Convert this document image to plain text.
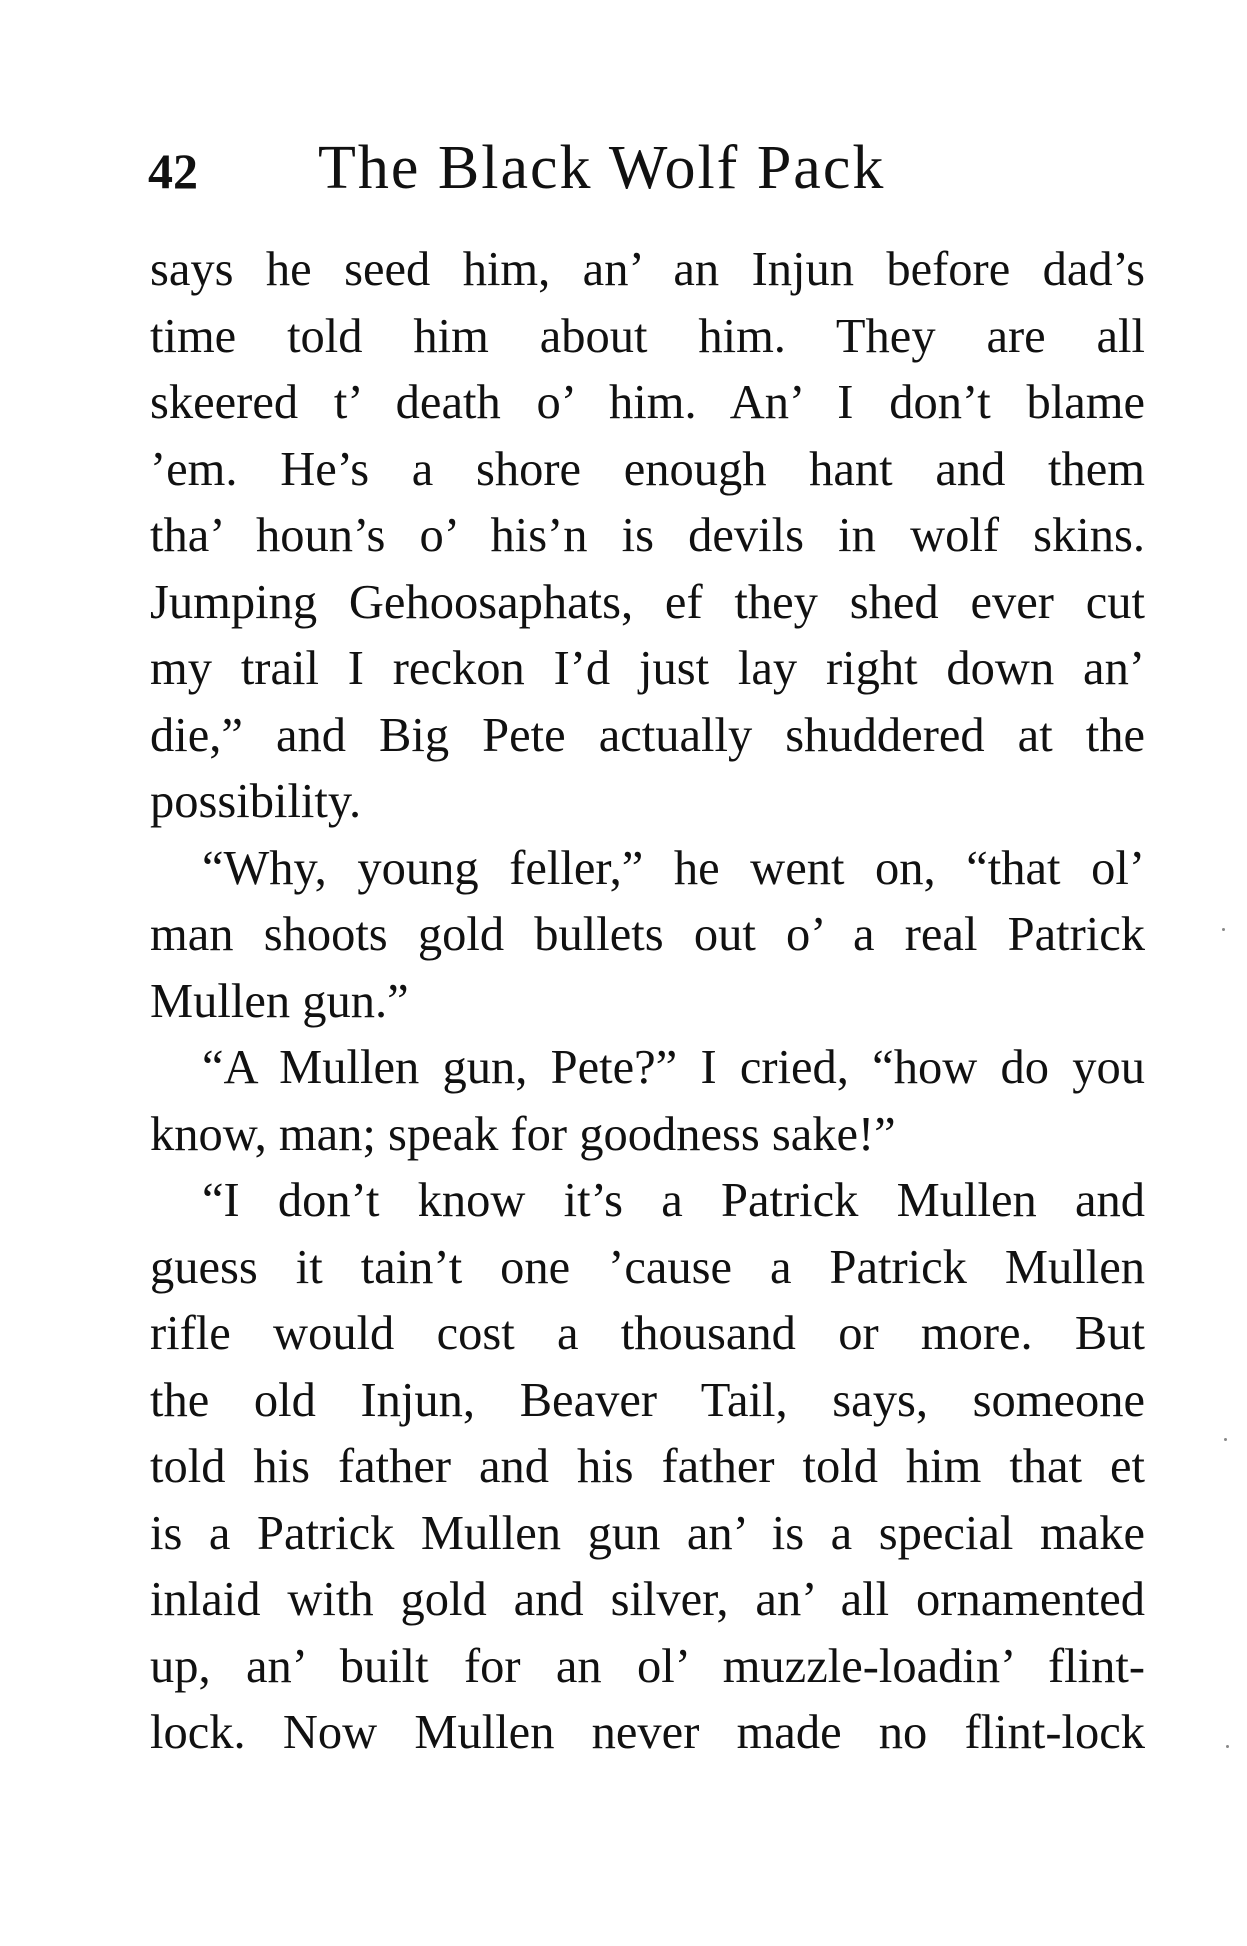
42 The Black Wolf Pack
says he seed him, an’ an Injun before dad’s
time told him about him. They are all
skeered t’ death o’ him. An’ I don’t blame
’em. He’s a shore enough hant and them
tha’ houn’s o’ his’n is devils in wolf skins.
Jumping Gehoosaphats, ef they shed ever cut
my trail I reckon I’d just lay right down an’
die,” and Big Pete actually shuddered at the
possibility.
“Why, young feller,” he went on, “that ol’
man shoots gold bullets out o’ a real Patrick
Mullen gun.”
“A Mullen gun, Pete?” I cried, “how do you
know, man; speak for goodness sake!”
“I don’t know it’s a Patrick Mullen and
guess it tain’t one ’cause a Patrick Mullen
rifle would cost a thousand or more. But
the old Injun, Beaver Tail, says, someone
told his father and his father told him that et
is a Patrick Mullen gun an’ is a special make
inlaid with gold and silver, an’ all ornamented
up, an’ built for an ol’ muzzle-loadin’ flint-
lock. Now Mullen never made no flint-lock
